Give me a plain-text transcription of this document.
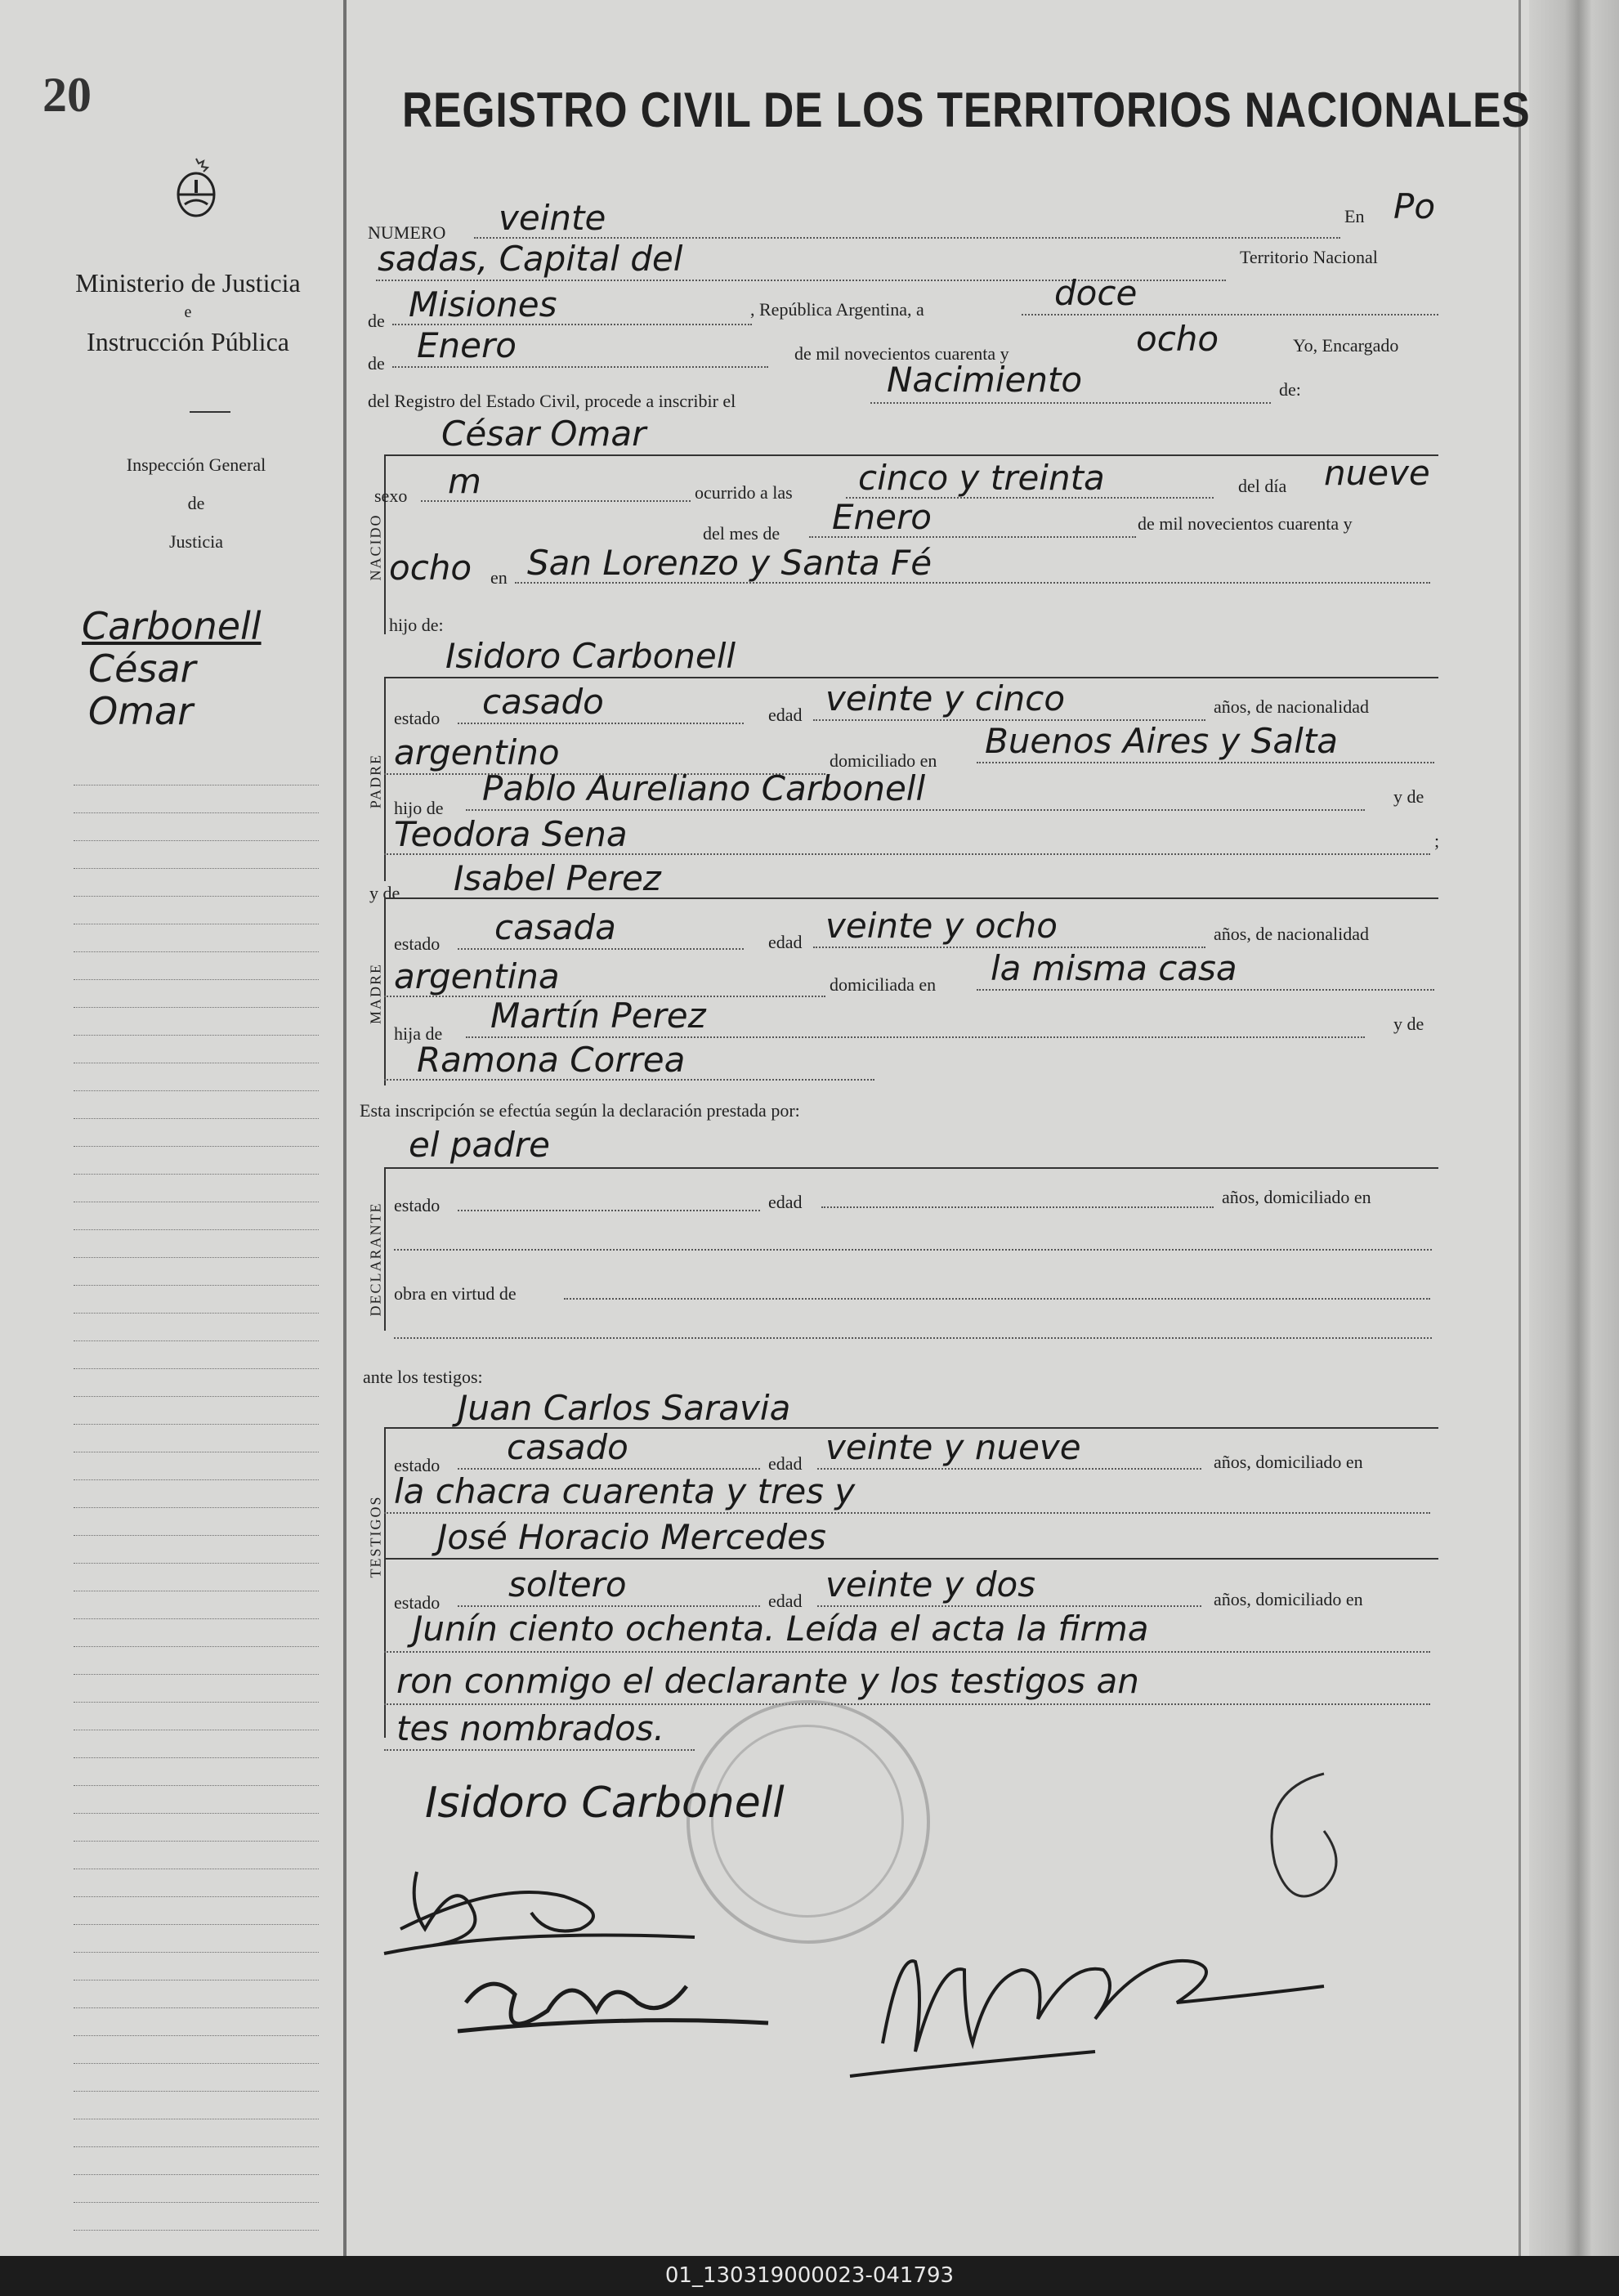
20
Ministerio de Justicia
e
Instrucción Pública
Inspección General
de
Justicia
Carbonell
César
Omar
REGISTRO CIVIL DE LOS TERRITORIOS NACIONALES
NUMERO veinte	En Po
sadas, Capital del	Territorio Nacional
de Misiones	, República Argentina, a	doce
de Enero	de mil novecientos cuarenta y	ocho	Yo, Encargado
del Registro del Estado Civil, procede a inscribir el
Nacimiento	de:
César Omar
NACIDO
sexo m	ocurrido a las cinco y treinta	del día nueve
del mes de Enero	de mil novecientos cuarenta y
ocho en San Lorenzo y Santa Fé
hijo de:
Isidoro Carbonell
PADRE
estado casado	edad veinte y cinco	años, de nacionalidad
argentino	domiciliado en Buenos Aires y Salta
hijo de Pablo Aureliano Carbonell	y de
Teodora Sena	;
y de Isabel Perez
MADRE
estado casada	edad veinte y ocho	años, de nacionalidad
argentina	domiciliada en la misma casa
hija de Martín Perez	y de
Ramona Correa
Esta inscripción se efectúa según la declaración prestada por:
el padre
DECLARANTE estado	edad	años, domiciliado en
obra en virtud de
ante los testigos:
Juan Carlos Saravia
TESTIGOS
estado casado	edad veinte y nueve	años, domiciliado en
la chacra cuarenta y tres y
José Horacio Mercedes
estado soltero	edad veinte y dos	años, domiciliado en
Junín ciento ochenta. Leída el acta la firma
ron conmigo el declarante y los testigos an
tes nombrados.
Isidoro Carbonell
01_130319000023-041793
